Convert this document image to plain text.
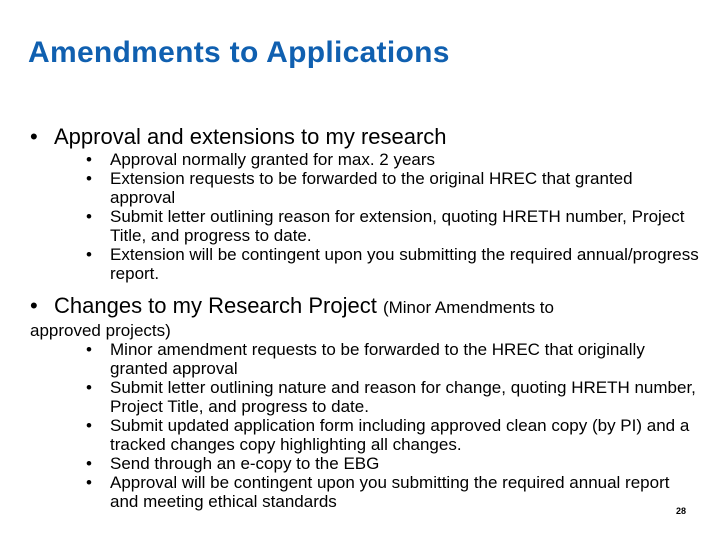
Amendments to Applications
• Approval and extensions to my research
• Approval normally granted for max. 2 years
• Extension requests to be forwarded to the original HREC that granted approval
• Submit letter outlining reason for extension, quoting HRETH number, Project Title, and progress to date.
• Extension will be contingent upon you submitting the required annual/progress report.
• Changes to my Research Project (Minor Amendments to
approved projects)
• Minor amendment requests to be forwarded to the HREC that originally granted approval
• Submit letter outlining nature and reason for change, quoting HRETH number, Project Title, and progress to date.
• Submit updated application form including approved clean copy (by PI) and a tracked changes copy highlighting all changes.
• Send through an e-copy to the EBG
• Approval will be contingent upon you submitting the required annual report and meeting ethical standards	28
